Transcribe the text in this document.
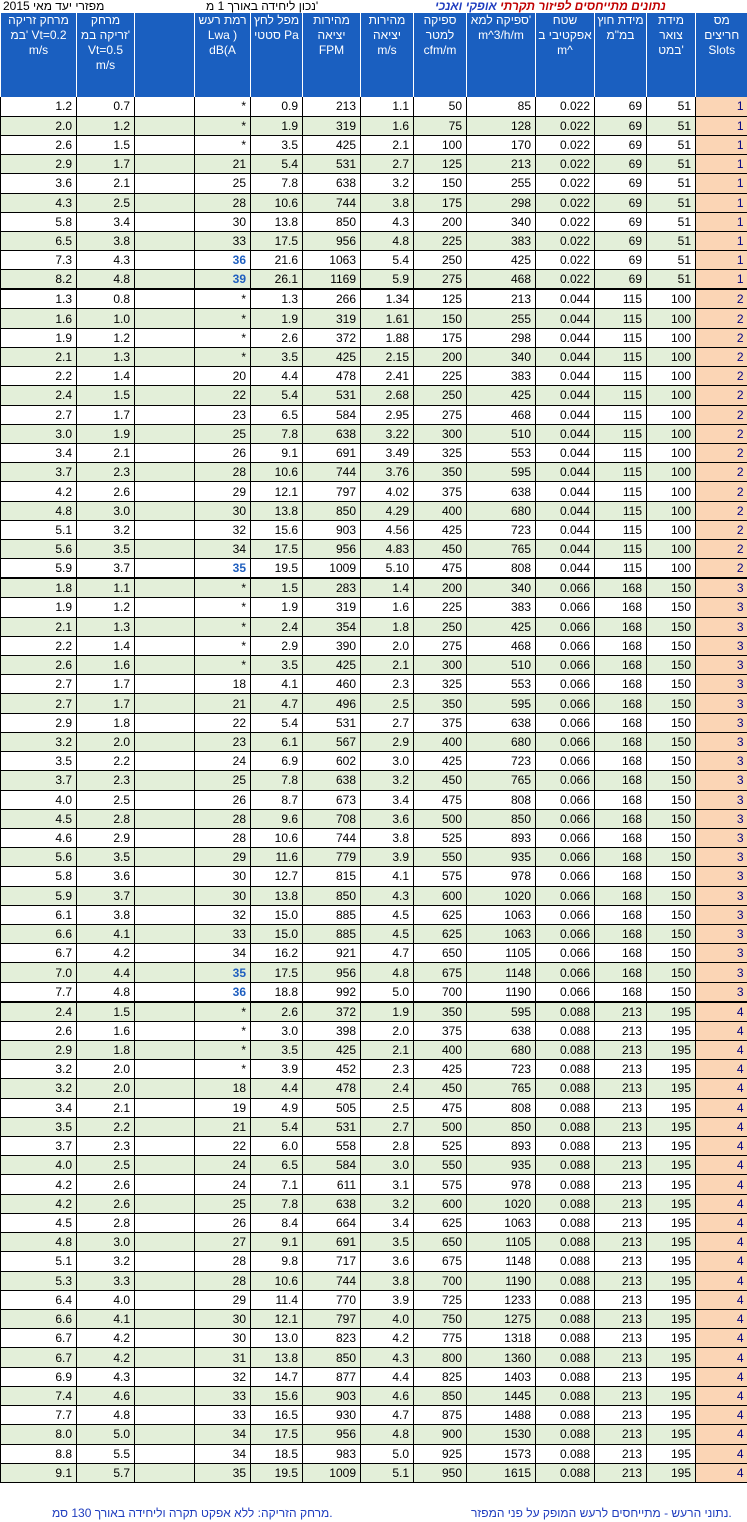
מפזרי יעד מאי 2015	נכון ליחידה באורך 1 מ'	נתונים מתייחסים לפיזור תקרתי אופקי ואנכי
מרחק זריקה במ' Vt=0.2 m/s	מרחק זריקה במ' Vt=0.5 m/s		רמת רעש Lwa ) dB(A	מפל לחץ סטטי Pa	מהירות יציאה FPM	מהירות יציאה m/s	ספיקה למטר cfm/m	ספיקה למא' m^3/h/m	שטח אפקטיבי ב m^	מידת חוץ במ"מ	מידת צואר במט'	מס חריצים Slots
1.2	0.7		*	0.9	213	1.1	50	85	0.022	69	51	1
2.0	1.2		*	1.9	319	1.6	75	128	0.022	69	51	1
2.6	1.5		*	3.5	425	2.1	100	170	0.022	69	51	1
2.9	1.7		21	5.4	531	2.7	125	213	0.022	69	51	1
3.6	2.1		25	7.8	638	3.2	150	255	0.022	69	51	1
4.3	2.5		28	10.6	744	3.8	175	298	0.022	69	51	1
5.8	3.4		30	13.8	850	4.3	200	340	0.022	69	51	1
6.5	3.8		33	17.5	956	4.8	225	383	0.022	69	51	1
7.3	4.3		36	21.6	1063	5.4	250	425	0.022	69	51	1
8.2	4.8		39	26.1	1169	5.9	275	468	0.022	69	51	1
1.3	0.8		*	1.3	266	1.34	125	213	0.044	115	100	2
1.6	1.0		*	1.9	319	1.61	150	255	0.044	115	100	2
1.9	1.2		*	2.6	372	1.88	175	298	0.044	115	100	2
2.1	1.3		*	3.5	425	2.15	200	340	0.044	115	100	2
2.2	1.4		20	4.4	478	2.41	225	383	0.044	115	100	2
2.4	1.5		22	5.4	531	2.68	250	425	0.044	115	100	2
2.7	1.7		23	6.5	584	2.95	275	468	0.044	115	100	2
3.0	1.9		25	7.8	638	3.22	300	510	0.044	115	100	2
3.4	2.1		26	9.1	691	3.49	325	553	0.044	115	100	2
3.7	2.3		28	10.6	744	3.76	350	595	0.044	115	100	2
4.2	2.6		29	12.1	797	4.02	375	638	0.044	115	100	2
4.8	3.0		30	13.8	850	4.29	400	680	0.044	115	100	2
5.1	3.2		32	15.6	903	4.56	425	723	0.044	115	100	2
5.6	3.5		34	17.5	956	4.83	450	765	0.044	115	100	2
5.9	3.7		35	19.5	1009	5.10	475	808	0.044	115	100	2
1.8	1.1		*	1.5	283	1.4	200	340	0.066	168	150	3
1.9	1.2		*	1.9	319	1.6	225	383	0.066	168	150	3
2.1	1.3		*	2.4	354	1.8	250	425	0.066	168	150	3
2.2	1.4		*	2.9	390	2.0	275	468	0.066	168	150	3
2.6	1.6		*	3.5	425	2.1	300	510	0.066	168	150	3
2.7	1.7		18	4.1	460	2.3	325	553	0.066	168	150	3
2.7	1.7		21	4.7	496	2.5	350	595	0.066	168	150	3
2.9	1.8		22	5.4	531	2.7	375	638	0.066	168	150	3
3.2	2.0		23	6.1	567	2.9	400	680	0.066	168	150	3
3.5	2.2		24	6.9	602	3.0	425	723	0.066	168	150	3
3.7	2.3		25	7.8	638	3.2	450	765	0.066	168	150	3
4.0	2.5		26	8.7	673	3.4	475	808	0.066	168	150	3
4.5	2.8		28	9.6	708	3.6	500	850	0.066	168	150	3
4.6	2.9		28	10.6	744	3.8	525	893	0.066	168	150	3
5.6	3.5		29	11.6	779	3.9	550	935	0.066	168	150	3
5.8	3.6		30	12.7	815	4.1	575	978	0.066	168	150	3
5.9	3.7		30	13.8	850	4.3	600	1020	0.066	168	150	3
6.1	3.8		32	15.0	885	4.5	625	1063	0.066	168	150	3
6.6	4.1		33	15.0	885	4.5	625	1063	0.066	168	150	3
6.7	4.2		34	16.2	921	4.7	650	1105	0.066	168	150	3
7.0	4.4		35	17.5	956	4.8	675	1148	0.066	168	150	3
7.7	4.8		36	18.8	992	5.0	700	1190	0.066	168	150	3
2.4	1.5		*	2.6	372	1.9	350	595	0.088	213	195	4
2.6	1.6		*	3.0	398	2.0	375	638	0.088	213	195	4
2.9	1.8		*	3.5	425	2.1	400	680	0.088	213	195	4
3.2	2.0		*	3.9	452	2.3	425	723	0.088	213	195	4
3.2	2.0		18	4.4	478	2.4	450	765	0.088	213	195	4
3.4	2.1		19	4.9	505	2.5	475	808	0.088	213	195	4
3.5	2.2		21	5.4	531	2.7	500	850	0.088	213	195	4
3.7	2.3		22	6.0	558	2.8	525	893	0.088	213	195	4
4.0	2.5		24	6.5	584	3.0	550	935	0.088	213	195	4
4.2	2.6		24	7.1	611	3.1	575	978	0.088	213	195	4
4.2	2.6		25	7.8	638	3.2	600	1020	0.088	213	195	4
4.5	2.8		26	8.4	664	3.4	625	1063	0.088	213	195	4
4.8	3.0		27	9.1	691	3.5	650	1105	0.088	213	195	4
5.1	3.2		28	9.8	717	3.6	675	1148	0.088	213	195	4
5.3	3.3		28	10.6	744	3.8	700	1190	0.088	213	195	4
6.4	4.0		29	11.4	770	3.9	725	1233	0.088	213	195	4
6.6	4.1		30	12.1	797	4.0	750	1275	0.088	213	195	4
6.7	4.2		30	13.0	823	4.2	775	1318	0.088	213	195	4
6.7	4.2		31	13.8	850	4.3	800	1360	0.088	213	195	4
6.9	4.3		32	14.7	877	4.4	825	1403	0.088	213	195	4
7.4	4.6		33	15.6	903	4.6	850	1445	0.088	213	195	4
7.7	4.8		33	16.5	930	4.7	875	1488	0.088	213	195	4
8.0	5.0		34	17.5	956	4.8	900	1530	0.088	213	195	4
8.8	5.5		34	18.5	983	5.0	925	1573	0.088	213	195	4
9.1	5.7		35	19.5	1009	5.1	950	1615	0.088	213	195	4
מרחק הזריקה: ללא אפקט תקרה וליחידה באורך 130 סמ.	נתוני הרעש - מתייחסים לרעש המופק על פני המפזר.
